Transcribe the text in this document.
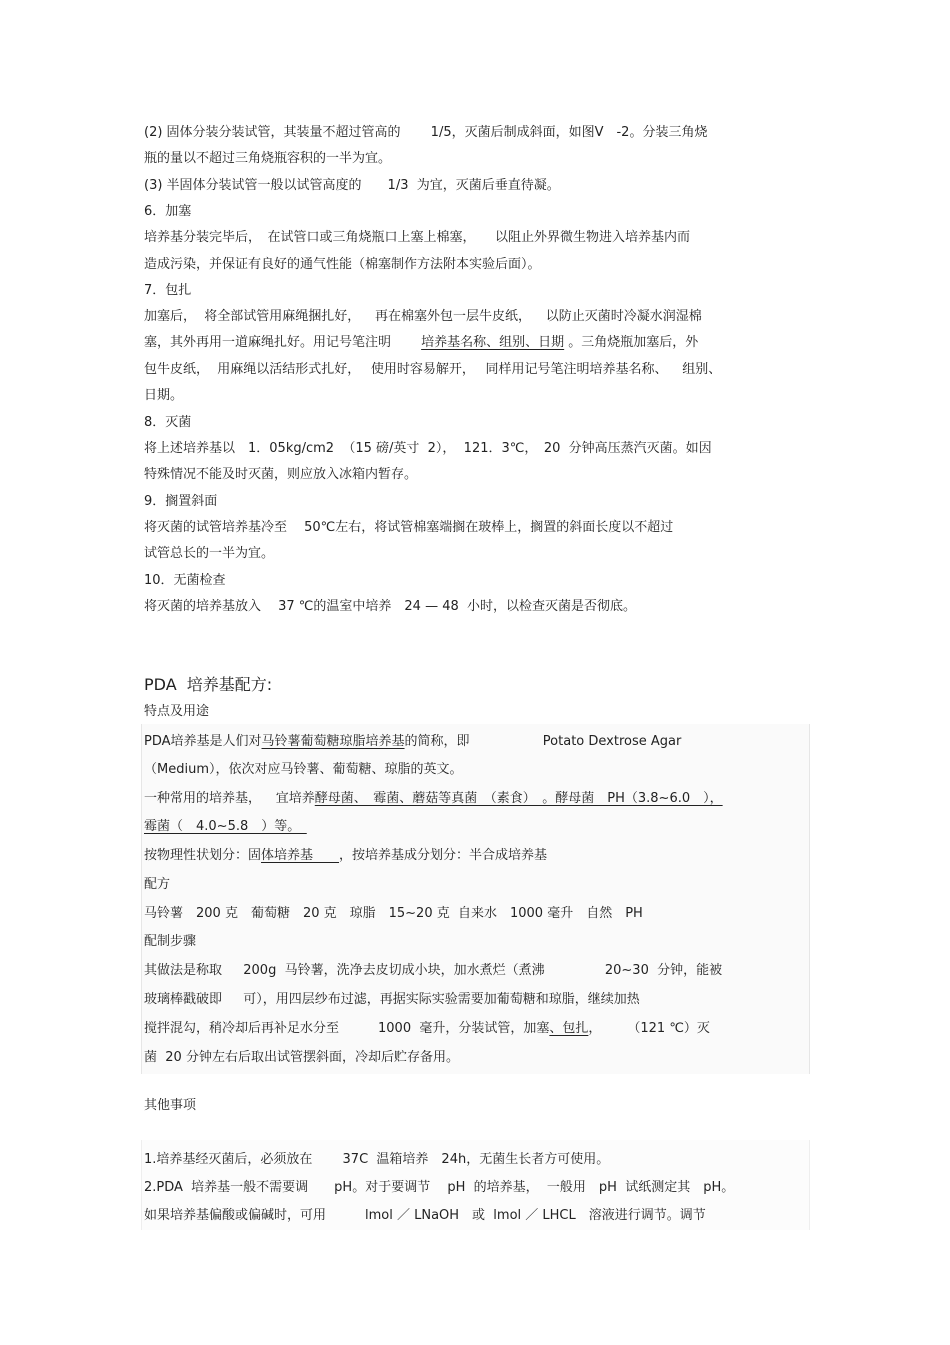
(2) 固体分装分装试管，其装量不超过管高的　　 1/5，灭菌后制成斜面，如图Ⅴ　-2。分装三角烧
瓶的量以不超过三角烧瓶容积的一半为宜。
(3) 半固体分装试管一般以试管高度的　　1/3  为宜，灭菌后垂直待凝。
6．加塞
培养基分装完毕后，　在试管口或三角烧瓶口上塞上棉塞，　　以阻止外界微生物进入培养基内而
造成污染，并保证有良好的通气性能（棉塞制作方法附本实验后面）。
7．包扎
加塞后，  将全部试管用麻绳捆扎好，　  再在棉塞外包一层牛皮纸，　  以防止灭菌时冷凝水润湿棉
塞，其外再用一道麻绳扎好。用记号笔注明　　 培养基名称、组别、日期 。三角烧瓶加塞后，外
包牛皮纸，  用麻绳以活结形式扎好，　 使用时容易解开，　 同样用记号笔注明培养基名称、　  组别、
日期。
8．灭菌
将上述培养基以　1．05kg/cm2  （15 磅/英寸  2），  121．3℃，　20  分钟高压蒸汽灭菌。如因
特殊情况不能及时灭菌，则应放入冰箱内暂存。
9．搁置斜面
将灭菌的试管培养基冷至　 50℃左右，将试管棉塞端搁在玻棒上，搁置的斜面长度以不超过
试管总长的一半为宜。
10．无菌检查
将灭菌的培养基放入　 37 ℃的温室中培养　24 — 48  小时，以检查灭菌是否彻底。
PDA  培养基配方:
特点及用途
PDA培养基是人们对马铃薯葡萄糖琼脂培养基的简称，即　　　　　  Potato Dextrose Agar
（Medium），依次对应马铃薯、葡萄糖、琼脂的英文。
一种常用的培养基，　  宜培养酵母菌、　霉菌、蘑菇等真菌　（素食）　。酵母菌　PH（3.8~6.0　），
霉菌（　4.0~5.8　）等。　
按物理性状划分：固体培养基　　，按培养基成分划分：半合成培养基
配方
马铃薯　200 克　葡萄糖　20 克　琼脂　15~20 克  自来水　1000 毫升　自然　PH
配制步骤
其做法是称取　  200g  马铃薯，洗净去皮切成小块，加水煮烂（煮沸　　　　  20~30  分钟，能被
玻璃棒戳破即　  可），用四层纱布过滤，再据实际实验需要加葡萄糖和琼脂，继续加热
搅拌混勾，稍冷却后再补足水分至　　　1000  毫升，分装试管，加塞、包扎，　　　（121 ℃）灭
菌  20 分钟左右后取出试管摆斜面，冷却后贮存备用。
其他事项
1.培养基经灭菌后，必须放在　　 37C  温箱培养　24h，无菌生长者方可使用。
2.PDA  培养基一般不需要调　　pH。对于要调节　 pH  的培养基，  一般用　pH  试纸测定其　pH。
如果培养基偏酸或偏碱时，可用　　　lmol ／ LNaOH　或  lmol ／ LHCL　溶液进行调节。调节
